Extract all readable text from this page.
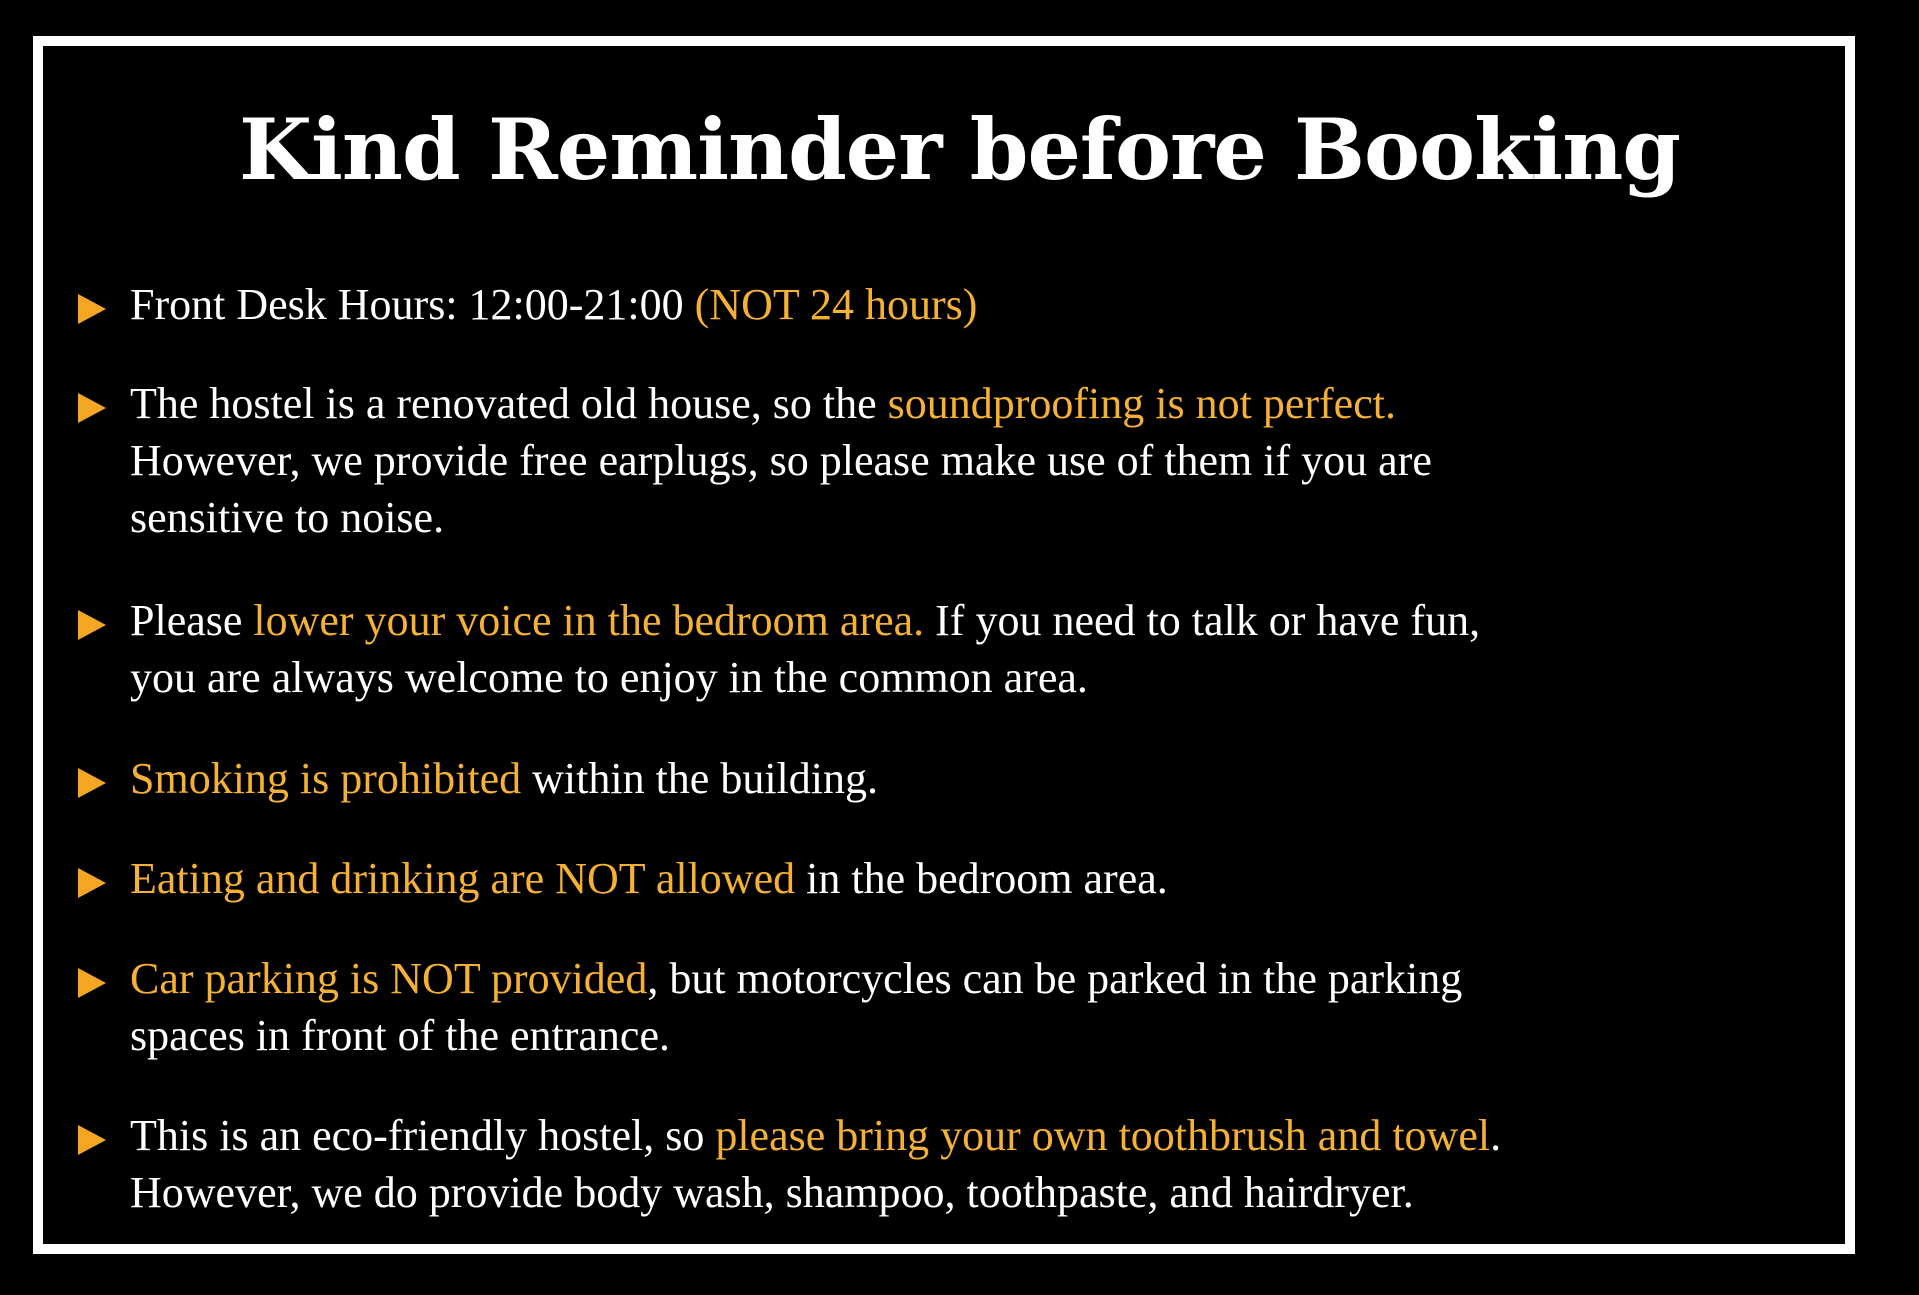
Kind Reminder before Booking
Front Desk Hours: 12:00-21:00 (NOT 24 hours)
The hostel is a renovated old house, so the soundproofing is not perfect.
However, we provide free earplugs, so please make use of them if you are
sensitive to noise.
Please lower your voice in the bedroom area. If you need to talk or have fun,
you are always welcome to enjoy in the common area.
Smoking is prohibited within the building.
Eating and drinking are NOT allowed in the bedroom area.
Car parking is NOT provided, but motorcycles can be parked in the parking
spaces in front of the entrance.
This is an eco-friendly hostel, so please bring your own toothbrush and towel.
However, we do provide body wash, shampoo, toothpaste, and hairdryer.
